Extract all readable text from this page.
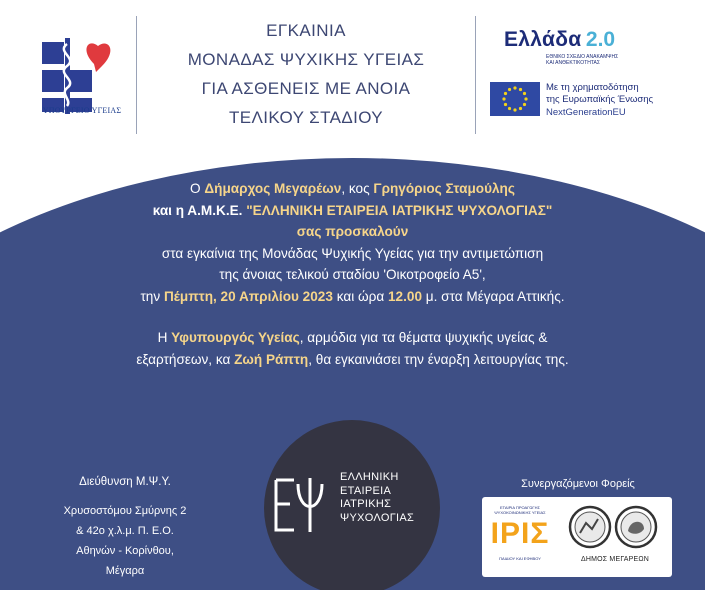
ΥΠΟΥΡΓΕΙΟ ΥΓΕΙΑΣ
ΕΓΚΑΙΝΙΑ
ΜΟΝΑΔΑΣ ΨΥΧΙΚΗΣ ΥΓΕΙΑΣ
ΓΙΑ ΑΣΘΕΝΕΙΣ ΜΕ ΑΝΟΙΑ
ΤΕΛΙΚΟΥ ΣΤΑΔΙΟΥ
Ελλάδα 2.0
ΕΘΝΙΚΟ ΣΧΕΔΙΟ ΑΝΑΚΑΜΨΗΣ
ΚΑΙ ΑΝΘΕΚΤΙΚΟΤΗΤΑΣ
Με τη χρηματοδότηση
της Ευρωπαϊκής Ένωσης
NextGenerationEU
Ο Δήμαρχος Μεγαρέων, κος Γρηγόριος Σταμούλης
και η Α.Μ.Κ.Ε. "ΕΛΛΗΝΙΚΗ ΕΤΑΙΡΕΙΑ ΙΑΤΡΙΚΗΣ ΨΥΧΟΛΟΓΙΑΣ"
σας προσκαλούν
στα εγκαίνια της Μονάδας Ψυχικής Υγείας για την αντιμετώπιση
της άνοιας τελικού σταδίου 'Οικοτροφείο Α5',
την Πέμπτη, 20 Απριλίου 2023 και ώρα 12.00 μ. στα Μέγαρα Αττικής.
Η Υφυπουργός Υγείας, αρμόδια για τα θέματα ψυχικής υγείας &
εξαρτήσεων, κα Ζωή Ράπτη, θα εγκαινιάσει την έναρξη λειτουργίας της.
Διεύθυνση Μ.Ψ.Υ.
Χρυσοστόμου Σμύρνης 2
& 42ο χ.λ.μ. Π. Ε.Ο.
Αθηνών - Κορίνθου,
Μέγαρα
ΕΛΛΗΝΙΚΗ
ΕΤΑΙΡΕΙΑ
ΙΑΤΡΙΚΗΣ
ΨΥΧΟΛΟΓΙΑΣ
Συνεργαζόμενοι Φορείς
ΕΤΑΙΡΙΑ ΠΡΟΑΓΩΓΗΣ
ΨΥΧΟΚΟΙΝΩΝΙΚΗΣ ΥΓΕΙΑΣ
ΙΡΙΣ
ΠΑΙΔΙΟΥ ΚΑΙ ΕΦΗΒΟΥ	ΔΗΜΟΣ ΜΕΓΑΡΕΩΝ
